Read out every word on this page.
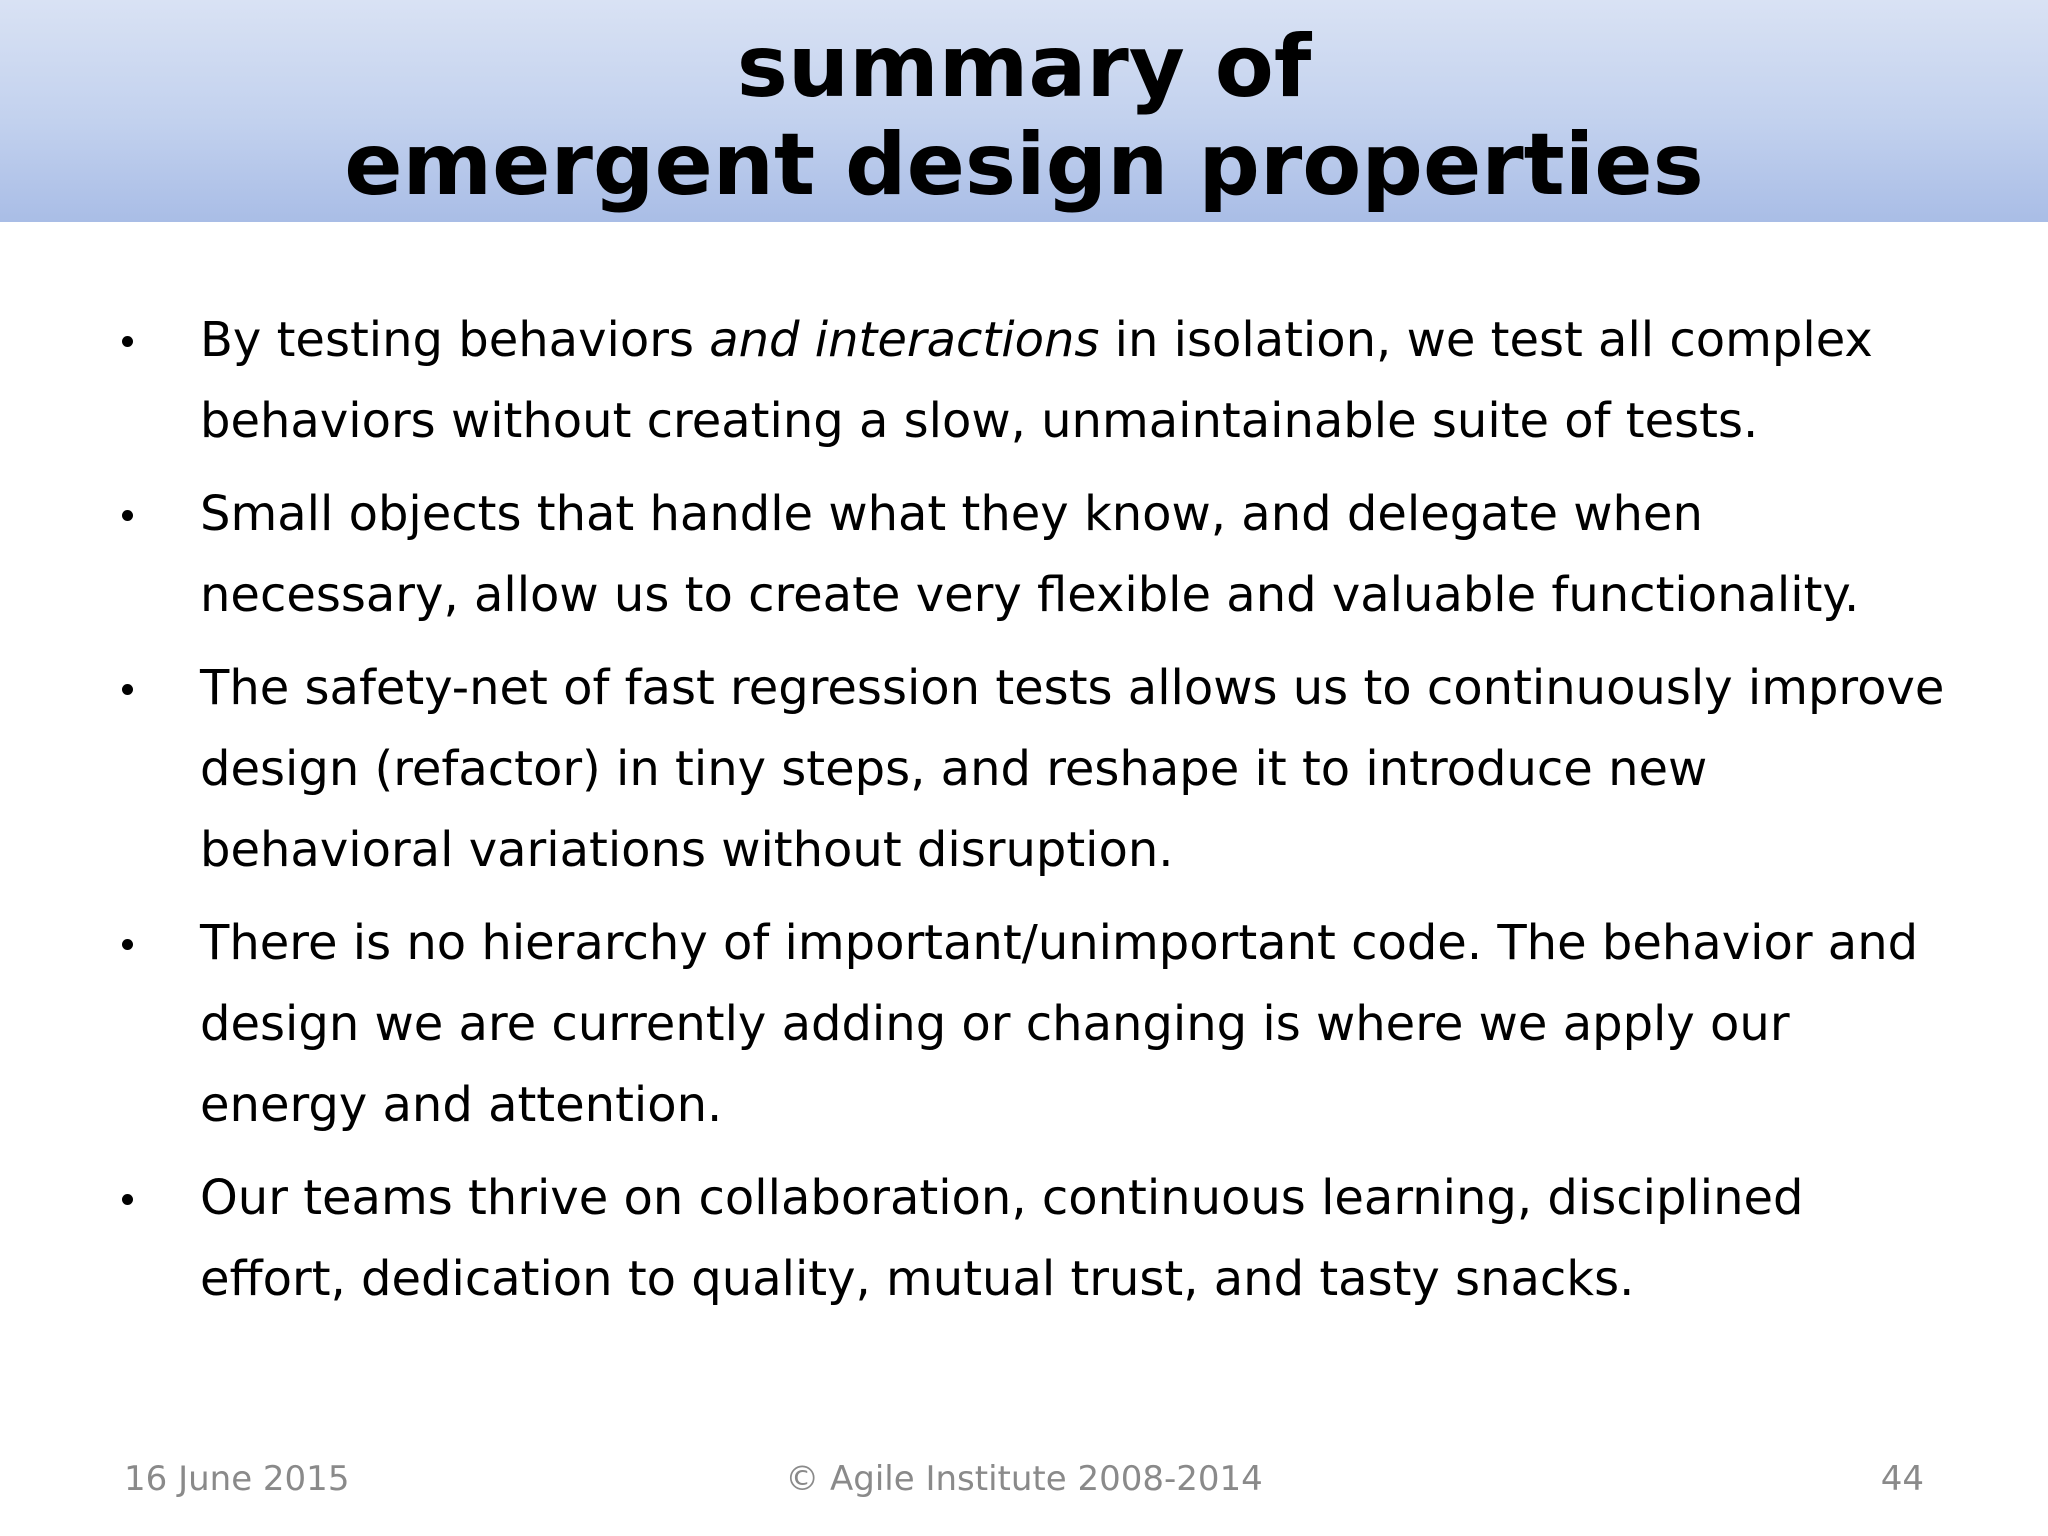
summary of
emergent design properties
By testing behaviors and interactions in isolation, we test all complex behaviors without creating a slow, unmaintainable suite of tests.
Small objects that handle what they know, and delegate when necessary, allow us to create very flexible and valuable functionality.
The safety-net of fast regression tests allows us to continuously improve design (refactor) in tiny steps, and reshape it to introduce new behavioral variations without disruption.
There is no hierarchy of important/unimportant code. The behavior and design we are currently adding or changing is where we apply our energy and attention.
Our teams thrive on collaboration, continuous learning, disciplined effort, dedication to quality, mutual trust, and tasty snacks.
© Agile Institute 2008-2014
16 June 2015	44
